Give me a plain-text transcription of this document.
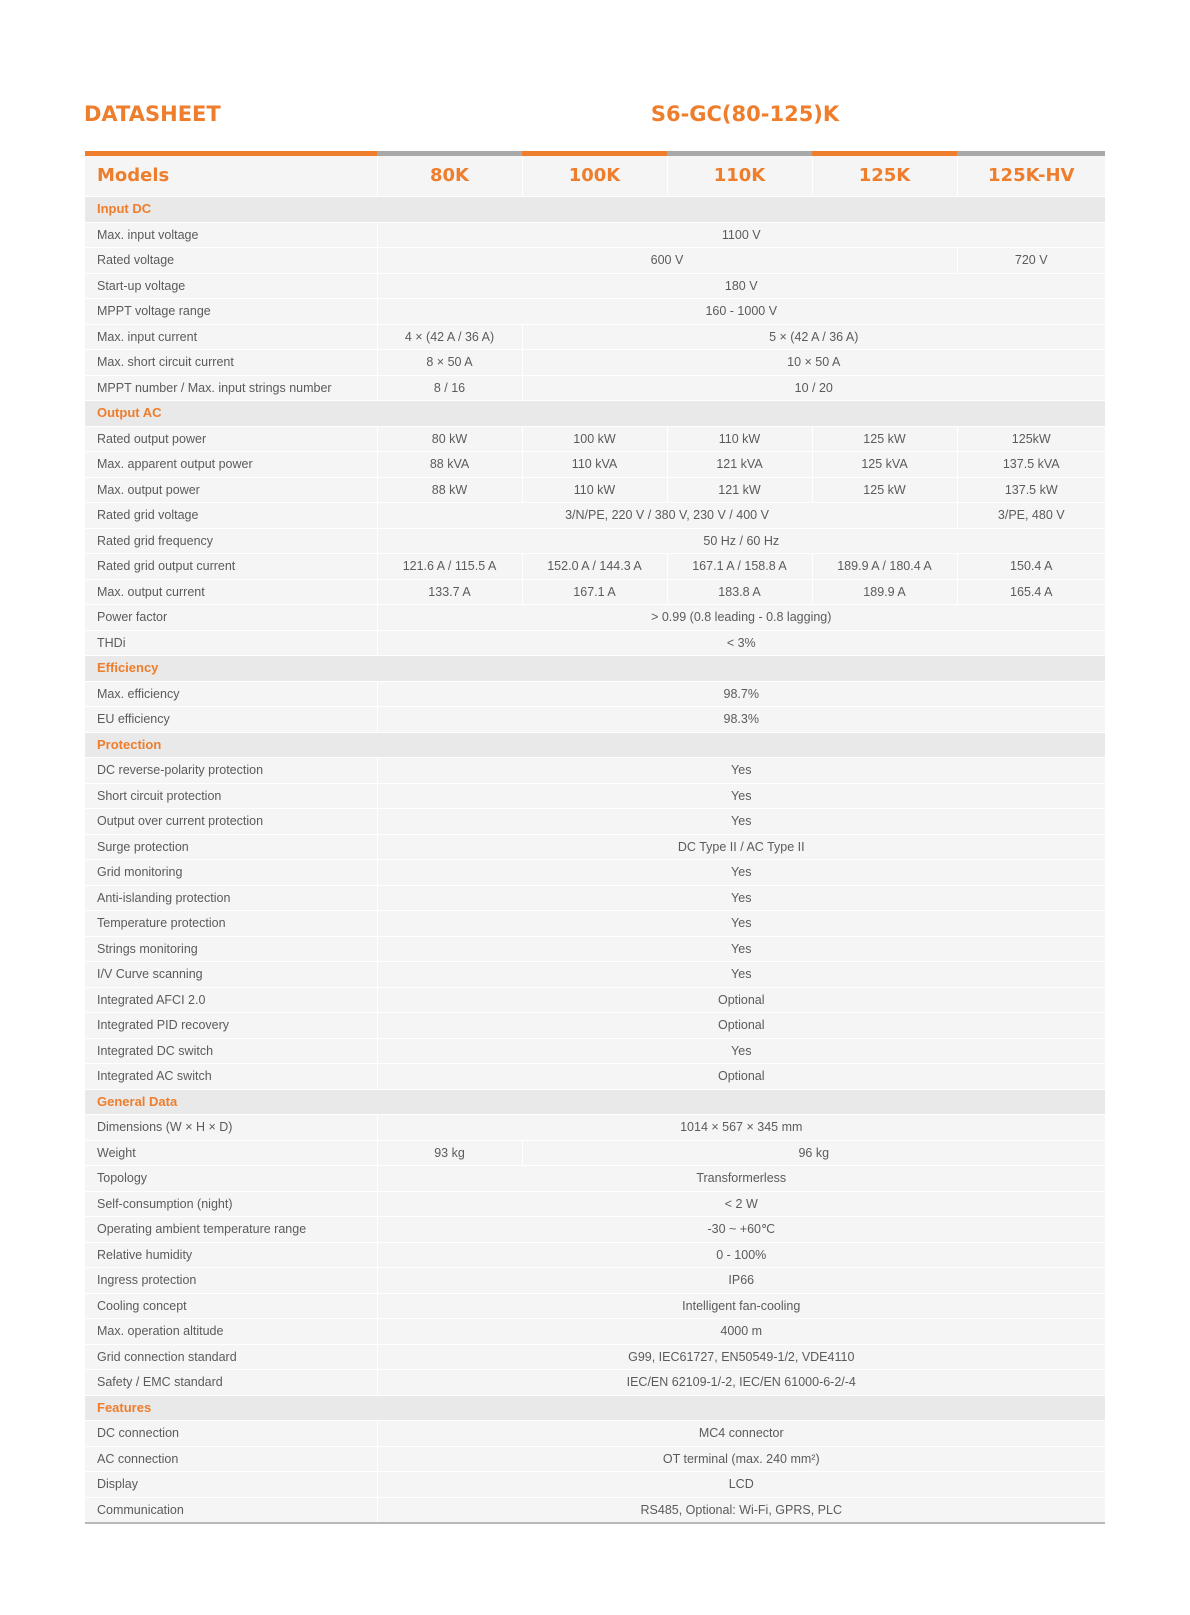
DATASHEET	S6-GC(80-125)K
Models	80K	100K	110K	125K	125K-HV
Input DC					
Max. input voltage	1100 V				
Rated voltage	600 V				720 V
Start-up voltage	180 V				
MPPT voltage range	160 - 1000 V				
Max. input current	4 × (42 A / 36 A)	5 × (42 A / 36 A)			
Max. short circuit current	8 × 50 A	10 × 50 A			
MPPT number / Max. input strings number	8 / 16	10 / 20			
Output AC					
Rated output power	80 kW	100 kW	110 kW	125 kW	125kW
Max. apparent output power	88 kVA	110 kVA	121 kVA	125 kVA	137.5 kVA
Max. output power	88 kW	110 kW	121 kW	125 kW	137.5 kW
Rated grid voltage	3/N/PE, 220 V / 380 V, 230 V / 400 V				3/PE, 480 V
Rated grid frequency	50 Hz / 60 Hz				
Rated grid output current	121.6 A / 115.5 A	152.0 A / 144.3 A	167.1 A / 158.8 A	189.9 A / 180.4 A	150.4 A
Max. output current	133.7 A	167.1 A	183.8 A	189.9 A	165.4 A
Power factor	> 0.99 (0.8 leading - 0.8 lagging)				
THDi	< 3%				
Efficiency					
Max. efficiency	98.7%				
EU efficiency	98.3%				
Protection					
DC reverse-polarity protection	Yes				
Short circuit protection	Yes				
Output over current protection	Yes				
Surge protection	DC Type II / AC Type II				
Grid monitoring	Yes				
Anti-islanding protection	Yes				
Temperature protection	Yes				
Strings monitoring	Yes				
I/V Curve scanning	Yes				
Integrated AFCI 2.0	Optional				
Integrated PID recovery	Optional				
Integrated DC switch	Yes				
Integrated AC switch	Optional				
General Data					
Dimensions (W × H × D)	1014 × 567 × 345 mm				
Weight	93 kg	96 kg			
Topology	Transformerless				
Self-consumption (night)	< 2 W				
Operating ambient temperature range	-30 ~ +60℃				
Relative humidity	0 - 100%				
Ingress protection	IP66				
Cooling concept	Intelligent fan-cooling				
Max. operation altitude	4000 m				
Grid connection standard	G99, IEC61727, EN50549-1/2, VDE4110				
Safety / EMC standard	IEC/EN 62109-1/-2, IEC/EN 61000-6-2/-4				
Features					
DC connection	MC4 connector				
AC connection	OT terminal (max. 240 mm²)				
Display	LCD				
Communication	RS485, Optional: Wi-Fi, GPRS, PLC				
